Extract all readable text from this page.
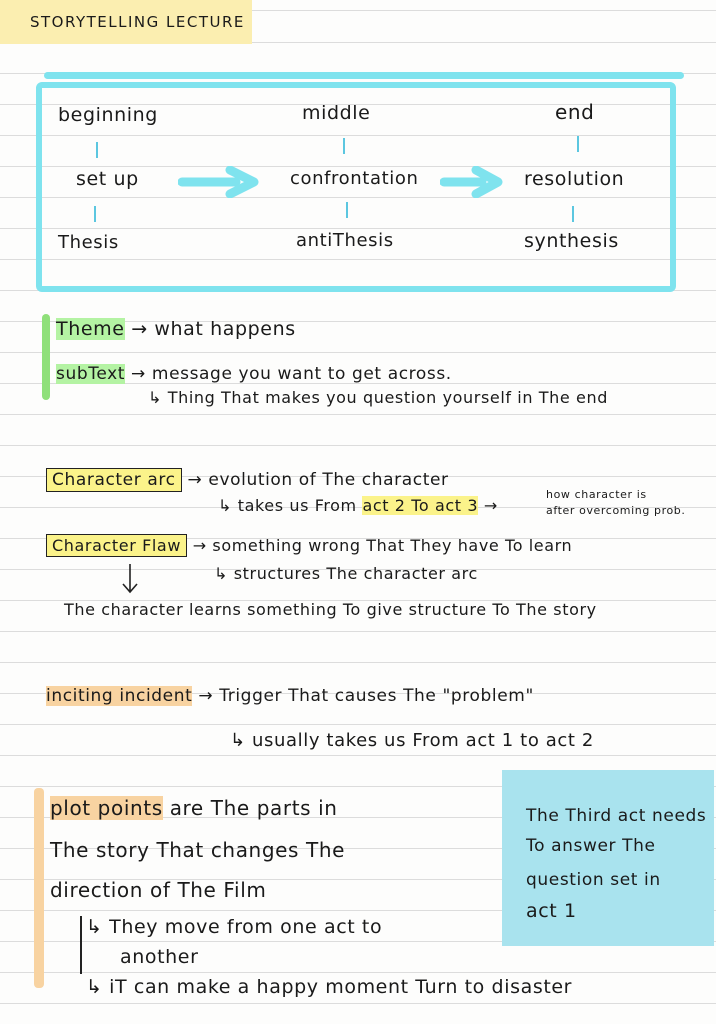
STORYTELLING LECTURE
beginning
set up
Thesis
middle
confrontation
antiThesis
end
resolution
synthesis
Theme → what happens
subText → message you want to get across.
↳ Thing That makes you question yourself in The end
Character arc → evolution of The character
↳ takes us From act 2 To act 3 →
how character is
after overcoming prob.
Character Flaw → something wrong That They have To learn
↳ structures The character arc
The character learns something To give structure To The story
inciting incident → Trigger That causes The "problem"
↳ usually takes us From act 1 to act 2
plot points are The parts in
The story That changes The
direction of The Film
↳ They move from one act to
another
↳ iT can make a happy moment Turn to disaster
The Third act needs
To answer The
question set in
act 1
